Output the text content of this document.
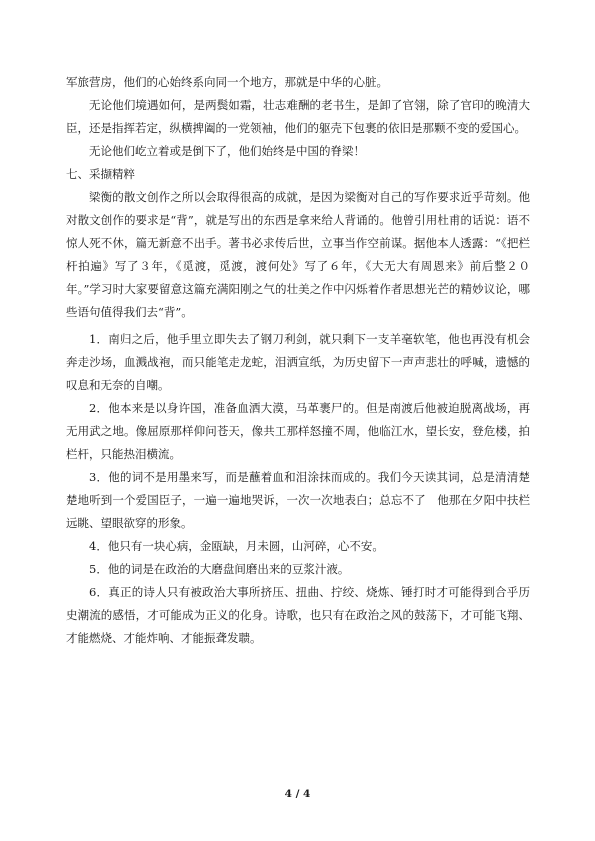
军旅营房，他们的心始终系向同一个地方，那就是中华的心脏。

无论他们境遇如何，是两鬓如霜，壮志难酬的老书生，是卸了官翎，除了官印的晚清大臣，还是指挥若定，纵横捭阖的一党领袖，他们的躯壳下包裹的依旧是那颗不变的爱国心。

无论他们屹立着或是倒下了，他们始终是中国的脊梁！

七、采撷精粹

梁衡的散文创作之所以会取得很高的成就，是因为梁衡对自己的写作要求近乎苛刻。他对散文创作的要求是“背”，就是写出的东西是拿来给人背诵的。他曾引用杜甫的话说：语不惊人死不休，篇无新意不出手。著书必求传后世，立事当作空前谋。据他本人透露：“《把栏杆拍遍》写了３年，《觅渡，觅渡，渡何处》写了６年，《大无大有周恩来》前后整２０年。”学习时大家要留意这篇充满阳刚之气的壮美之作中闪烁着作者思想光芒的精妙议论，哪些语句值得我们去“背”。

1．南归之后，他手里立即失去了钢刀利剑，就只剩下一支羊毫软笔，他也再没有机会奔走沙场，血溅战袍，而只能笔走龙蛇，泪洒宣纸，为历史留下一声声悲壮的呼喊，遗憾的叹息和无奈的自嘲。

2．他本来是以身许国，准备血洒大漠，马革裹尸的。但是南渡后他被迫脱离战场，再无用武之地。像屈原那样仰问苍天，像共工那样怒撞不周，他临江水，望长安，登危楼，拍栏杆，只能热泪横流。

3．他的词不是用墨来写，而是蘸着血和泪涂抹而成的。我们今天读其词，总是清清楚楚地听到一个爱国臣子，一遍一遍地哭诉，一次一次地表白；总忘不了　他那在夕阳中扶栏远眺、望眼欲穿的形象。

4．他只有一块心病，金瓯缺，月未圆，山河碎，心不安。

5．他的词是在政治的大磨盘间磨出来的豆浆汁液。

6．真正的诗人只有被政治大事所挤压、扭曲、拧绞、烧炼、锤打时才可能得到合乎历史潮流的感悟，才可能成为正义的化身。诗歌，也只有在政治之风的鼓荡下，才可能飞翔、才能燃烧、才能炸响、才能振聋发聩。

4 / 4
